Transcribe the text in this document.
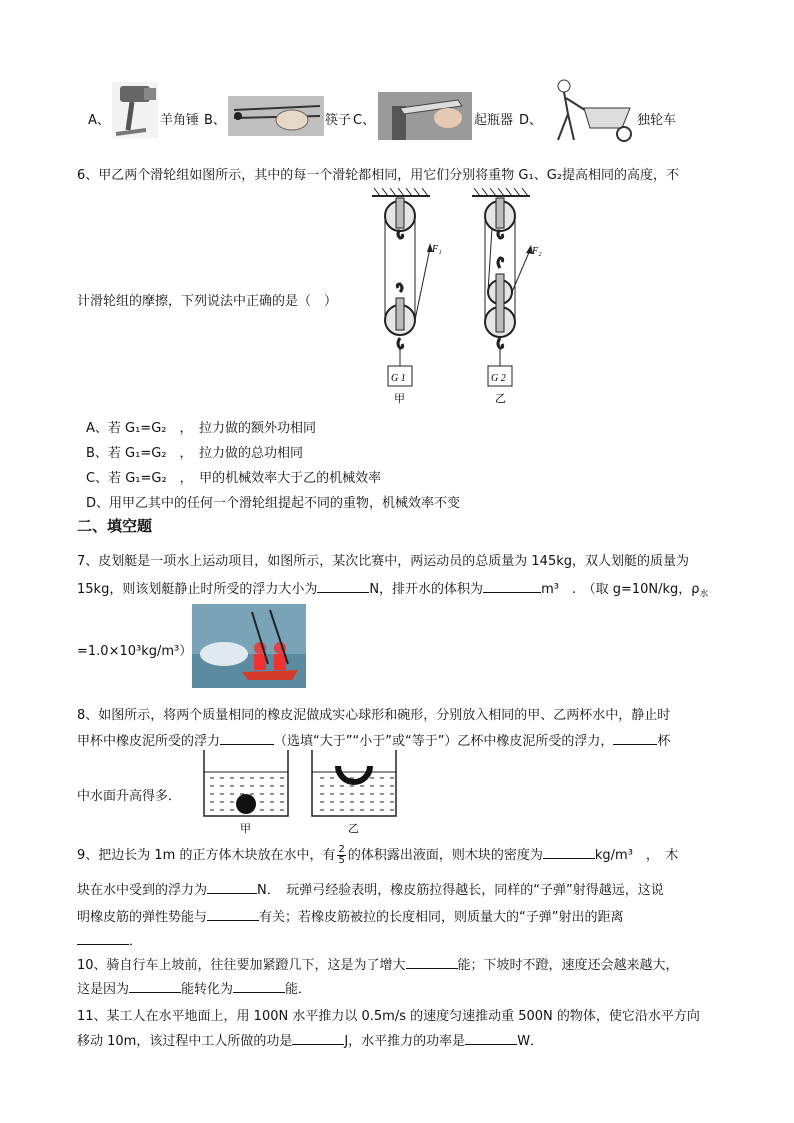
A、	羊角锤 B、	筷子 C、	起瓶器 D、	独轮车
6、甲乙两个滑轮组如图所示，其中的每一个滑轮都相同，用它们分别将重物 G₁、G₂提高相同的高度，不
计滑轮组的摩擦，下列说法中正确的是（　）
F₁
G 1
甲
F₂
G 2
乙
A、若 G₁=G₂　，　拉力做的额外功相同
B、若 G₁=G₂　，　拉力做的总功相同
C、若 G₁=G₂　，　甲的机械效率大于乙的机械效率
D、用甲乙其中的任何一个滑轮组提起不同的重物，机械效率不变
二、填空题
7、皮划艇是一项水上运动项目，如图所示，某次比赛中，两运动员的总质量为 145kg，双人划艇的质量为
15kg，则该划艇静止时所受的浮力大小为	N，排开水的体积为	m³　.　（取 g=10N/kg，$\rho_水$
=1.0×10³kg/m³）
8、如图所示，将两个质量相同的橡皮泥做成实心球形和碗形，分别放入相同的甲、乙两杯水中，静止时
甲杯中橡皮泥所受的浮力	（选填“大于”“小于”或“等于”）乙杯中橡皮泥所受的浮力，	杯
中水面升高得多．
甲	乙
9、把边长为 1m 的正方体木块放在水中，有 $\frac{2}{5}$ 的体积露出液面，则木块的密度为	kg/m³　，　木
块在水中受到的浮力为	N．　玩弹弓经验表明，橡皮筋拉得越长，同样的“子弹”射得越远，这说
明橡皮筋的弹性势能与	有关；若橡皮筋被拉的长度相同，则质量大的“子弹”射出的距离
．
10、骑自行车上坡前，往往要加紧蹬几下，这是为了增大	能；下坡时不蹬，速度还会越来越大，
这是因为	能转化为	能．
11、某工人在水平地面上，用 100N 水平推力以 0.5m/s 的速度匀速推动重 500N 的物体，使它沿水平方向
移动 10m，该过程中工人所做的功是	J，水平推力的功率是	W．
